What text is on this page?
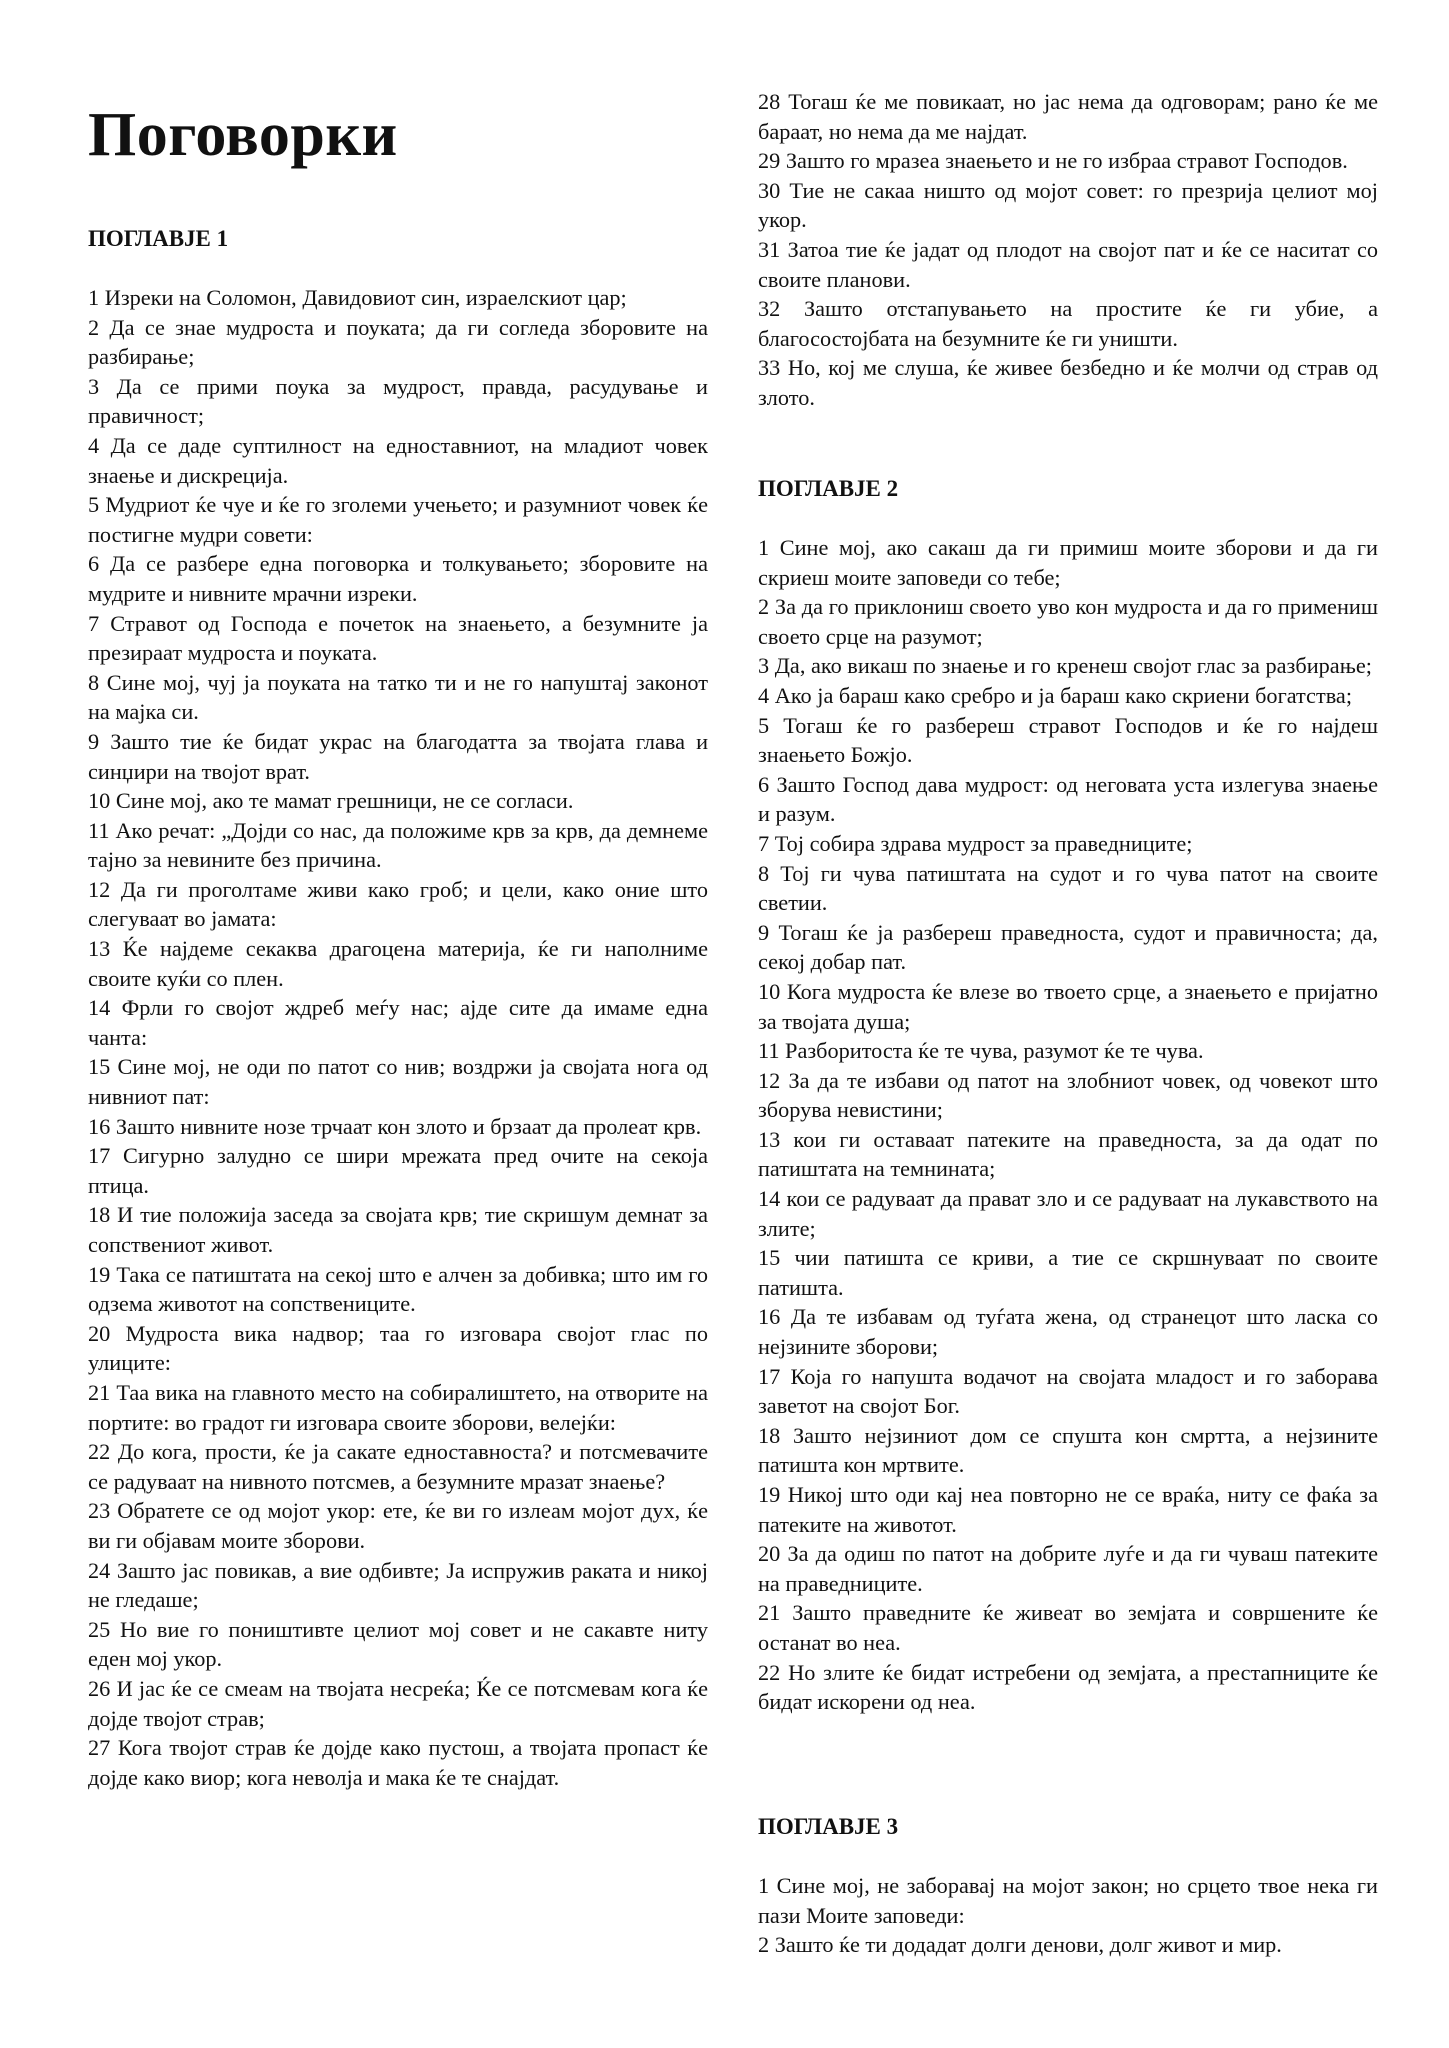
Поговорки
ПОГЛАВЈЕ 1

1 Изреки на Соломон, Давидовиот син, израелскиот цар;

2 Да се знае мудроста и поуката; да ги согледа зборовите на разбирање;

3 Да се прими поука за мудрост, правда, расудување и правичност;

4 Да се даде суптилност на едноставниот, на младиот човек знаење и дискреција.

5 Мудриот ќе чуе и ќе го зголеми учењето; и разумниот човек ќе постигне мудри совети:

6 Да се разбере една поговорка и толкувањето; зборовите на мудрите и нивните мрачни изреки.

7 Стравот од Господа е почеток на знаењето, а безумните ја презираат мудроста и поуката.

8 Сине мој, чуј ја поуката на татко ти и не го напуштај законот на мајка си.

9 Зашто тие ќе бидат украс на благодатта за твојата глава и синџири на твојот врат.

10 Сине мој, ако те мамат грешници, не се согласи.

11 Ако речат: „Дојди со нас, да положиме крв за крв, да демнеме тајно за невините без причина.

12 Да ги проголтаме живи како гроб; и цели, како оние што слегуваат во јамата:

13 Ќе најдеме секаква драгоцена материја, ќе ги наполниме своите куќи со плен.

14 Фрли го својот ждреб меѓу нас; ајде сите да имаме една чанта:

15 Сине мој, не оди по патот со нив; воздржи ја својата нога од нивниот пат:

16 Зашто нивните нозе трчаат кон злото и брзаат да пролеат крв.

17 Сигурно залудно се шири мрежата пред очите на секоја птица.

18 И тие положија заседа за својата крв; тие скришум демнат за сопствениот живот.

19 Така се патиштата на секој што е алчен за добивка; што им го одзема животот на сопствениците.

20 Мудроста вика надвор; таа го изговара својот глас по улиците:

21 Таа вика на главното место на собиралиштето, на отворите на портите: во градот ги изговара своите зборови, велејќи:

22 До кога, прости, ќе ја сакате едноставноста? и потсмевачите се радуваат на нивното потсмев, а безумните мразат знаење?

23 Обратете се од мојот укор: ете, ќе ви го излеам мојот дух, ќе ви ги објавам моите зборови.

24 Зашто јас повикав, а вие одбивте; Ја испружив раката и никој не гледаше;

25 Но вие го поништивте целиот мој совет и не сакавте ниту еден мој укор.

26 И јас ќе се смеам на твојата несреќа; Ќе се потсмевам кога ќе дојде твојот страв;

27 Кога твојот страв ќе дојде како пустош, а твојата пропаст ќе дојде како виор; кога неволја и мака ќе те снајдат.

28 Тогаш ќе ме повикаат, но јас нема да одговорам; рано ќе ме бараат, но нема да ме најдат.

29 Зашто го мразеа знаењето и не го избраа стравот Господов.

30 Тие не сакаа ништо од мојот совет: го презрија целиот мој укор.

31 Затоа тие ќе јадат од плодот на својот пат и ќе се наситат со своите планови.

32 Зашто отстапувањето на простите ќе ги убие, а благосостојбата на безумните ќе ги уништи.

33 Но, кој ме слуша, ќе живее безбедно и ќе молчи од страв од злото.

ПОГЛАВЈЕ 2

1 Сине мој, ако сакаш да ги примиш моите зборови и да ги скриеш моите заповеди со тебе;

2 За да го приклониш своето уво кон мудроста и да го примениш своето срце на разумот;

3 Да, ако викаш по знаење и го кренеш својот глас за разбирање;

4 Ако ја бараш како сребро и ја бараш како скриени богатства;

5 Тогаш ќе го разбереш стравот Господов и ќе го најдеш знаењето Божјо.

6 Зашто Господ дава мудрост: од неговата уста излегува знаење и разум.

7 Тој собира здрава мудрост за праведниците;

8 Тој ги чува патиштата на судот и го чува патот на своите светии.

9 Тогаш ќе ја разбереш праведноста, судот и правичноста; да, секој добар пат.

10 Кога мудроста ќе влезе во твоето срце, а знаењето е пријатно за твојата душа;

11 Разборитоста ќе те чува, разумот ќе те чува.

12 За да те избави од патот на злобниот човек, од човекот што зборува невистини;

13 кои ги оставаат патеките на праведноста, за да одат по патиштата на темнината;

14 кои се радуваат да прават зло и се радуваат на лукавството на злите;

15 чии патишта се криви, а тие се скршнуваат по своите патишта.

16 Да те избавам од туѓата жена, од странецот што ласка со нејзините зборови;

17 Која го напушта водачот на својата младост и го заборава заветот на својот Бог.

18 Зашто нејзиниот дом се спушта кон смртта, а нејзините патишта кон мртвите.

19 Никој што оди кај неа повторно не се враќа, ниту се фаќа за патеките на животот.

20 За да одиш по патот на добрите луѓе и да ги чуваш патеките на праведниците.

21 Зашто праведните ќе живеат во земјата и совршените ќе останат во неа.

22 Но злите ќе бидат истребени од земјата, а престапниците ќе бидат искорени од неа.

ПОГЛАВЈЕ 3

1 Сине мој, не заборавај на мојот закон; но срцето твое нека ги пази Моите заповеди:

2 Зашто ќе ти додадат долги денови, долг живот и мир.
